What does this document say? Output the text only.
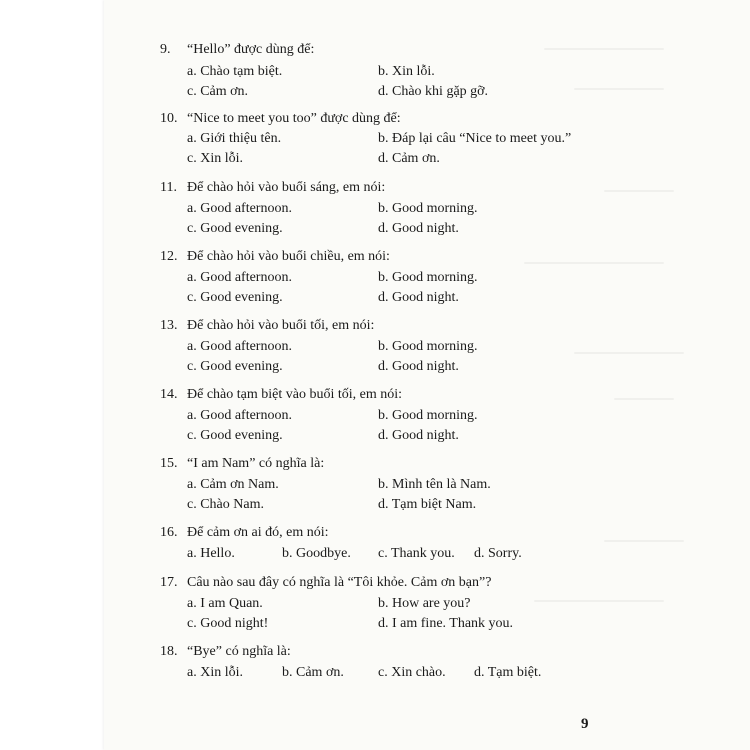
9. “Hello” được dùng để:
a. Chào tạm biệt.	b. Xin lỗi.
c. Cảm ơn.	d. Chào khi gặp gỡ.
10. “Nice to meet you too” được dùng để:
a. Giới thiệu tên.	b. Đáp lại câu “Nice to meet you.”
c. Xin lỗi.	d. Cảm ơn.
11. Để chào hỏi vào buổi sáng, em nói:
a. Good afternoon.	b. Good morning.
c. Good evening.	d. Good night.
12. Để chào hỏi vào buổi chiều, em nói:
a. Good afternoon.	b. Good morning.
c. Good evening.	d. Good night.
13. Để chào hỏi vào buổi tối, em nói:
a. Good afternoon.	b. Good morning.
c. Good evening.	d. Good night.
14. Để chào tạm biệt vào buổi tối, em nói:
a. Good afternoon.	b. Good morning.
c. Good evening.	d. Good night.
15. “I am Nam” có nghĩa là:
a. Cảm ơn Nam.	b. Mình tên là Nam.
c. Chào Nam.	d. Tạm biệt Nam.
16. Để cảm ơn ai đó, em nói:
a. Hello.	b. Goodbye. c. Thank you. d. Sorry.
17. Câu nào sau đây có nghĩa là “Tôi khỏe. Cảm ơn bạn”?
a. I am Quan.	b. How are you?
c. Good night!	d. I am fine. Thank you.
18. “Bye” có nghĩa là:
a. Xin lỗi.	b. Cảm ơn. c. Xin chào. d. Tạm biệt.
9
